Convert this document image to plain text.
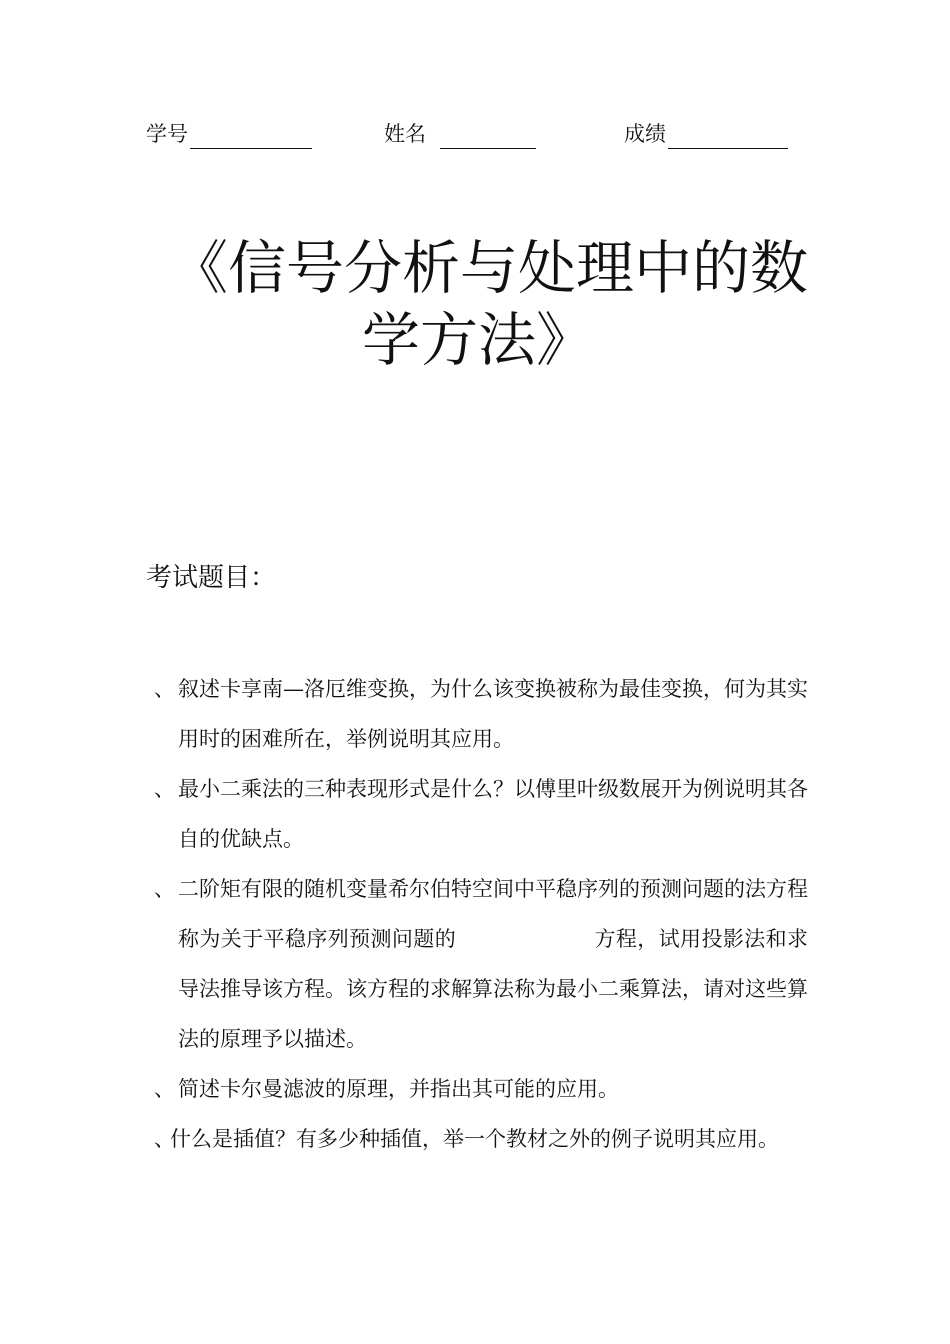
学号	姓名	成绩
《信号分析与处理中的数
学方法》
考试题目：
、 叙述卡享南—洛厄维变换，为什么该变换被称为最佳变换，何为其实用时的困难所在，举例说明其应用。
、 最小二乘法的三种表现形式是什么？以傅里叶级数展开为例说明其各自的优缺点。
、 二阶矩有限的随机变量希尔伯特空间中平稳序列的预测问题的法方程称为关于平稳序列预测问题的	方程，试用投影法和求导法推导该方程。该方程的求解算法称为最小二乘算法，请对这些算法的原理予以描述。
、 简述卡尔曼滤波的原理，并指出其可能的应用。
、
什么是插值？有多少种插值，举一个教材之外的例子说明其应用。
